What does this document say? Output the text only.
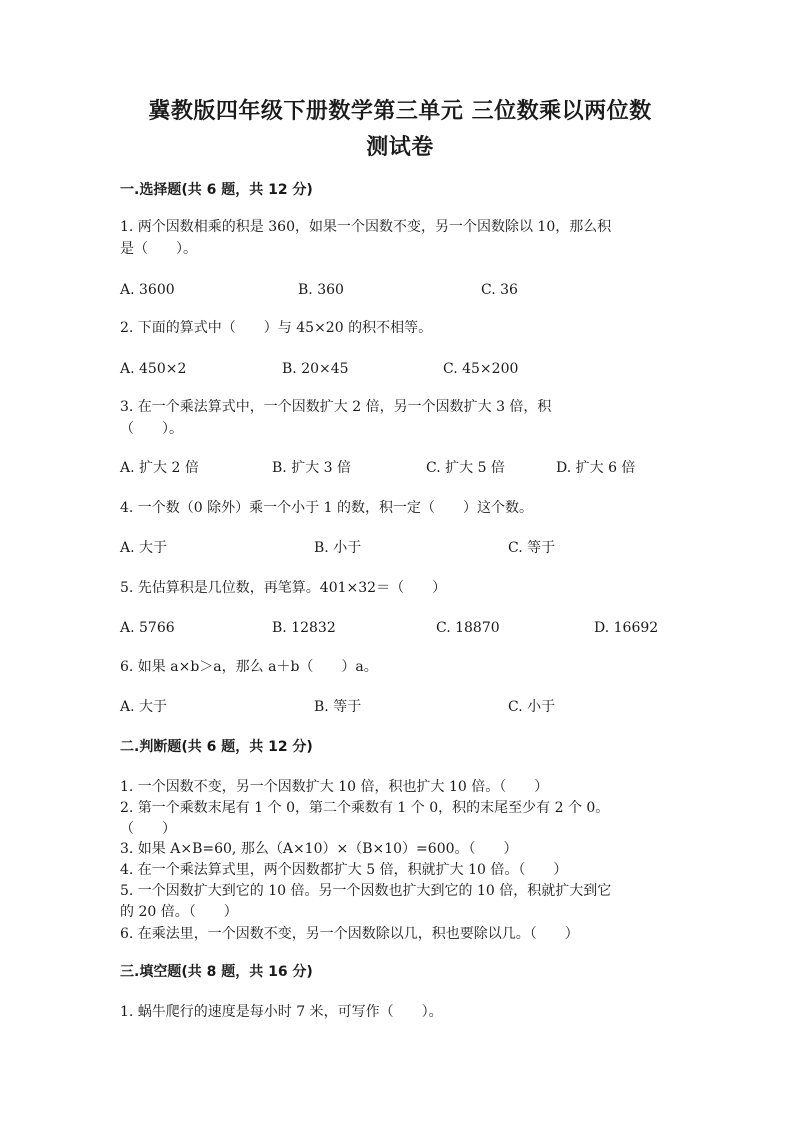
冀教版四年级下册数学第三单元 三位数乘以两位数
测试卷
一.选择题(共 6 题，共 12 分)
1. 两个因数相乘的积是 360，如果一个因数不变，另一个因数除以 10，那么积
是（　　）。
A. 3600	B. 360	C. 36
2. 下面的算式中（　　）与 45×20 的积不相等。
A. 450×2	B. 20×45	C. 45×200
3. 在一个乘法算式中，一个因数扩大 2 倍，另一个因数扩大 3 倍，积
（　　）。
A. 扩大 2 倍	B. 扩大 3 倍	C. 扩大 5 倍	D. 扩大 6 倍
4. 一个数（0 除外）乘一个小于 1 的数，积一定（　　）这个数。
A. 大于	B. 小于	C. 等于
5. 先估算积是几位数，再笔算。401×32＝（　　）
A. 5766	B. 12832	C. 18870	D. 16692
6. 如果 a×b＞a，那么 a＋b（　　）a。
A. 大于	B. 等于	C. 小于
二.判断题(共 6 题，共 12 分)
1. 一个因数不变，另一个因数扩大 10 倍，积也扩大 10 倍。（　　）
2. 第一个乘数末尾有 1 个 0，第二个乘数有 1 个 0，积的末尾至少有 2 个 0。
（　　）
3. 如果 A×B=60, 那么（A×10）×（B×10）=600。（　　）
4. 在一个乘法算式里，两个因数都扩大 5 倍，积就扩大 10 倍。（　　）
5. 一个因数扩大到它的 10 倍。另一个因数也扩大到它的 10 倍，积就扩大到它
的 20 倍。（　　）
6. 在乘法里，一个因数不变，另一个因数除以几，积也要除以几。（　　）
三.填空题(共 8 题，共 16 分)
1. 蜗牛爬行的速度是每小时 7 米，可写作（　　）。
